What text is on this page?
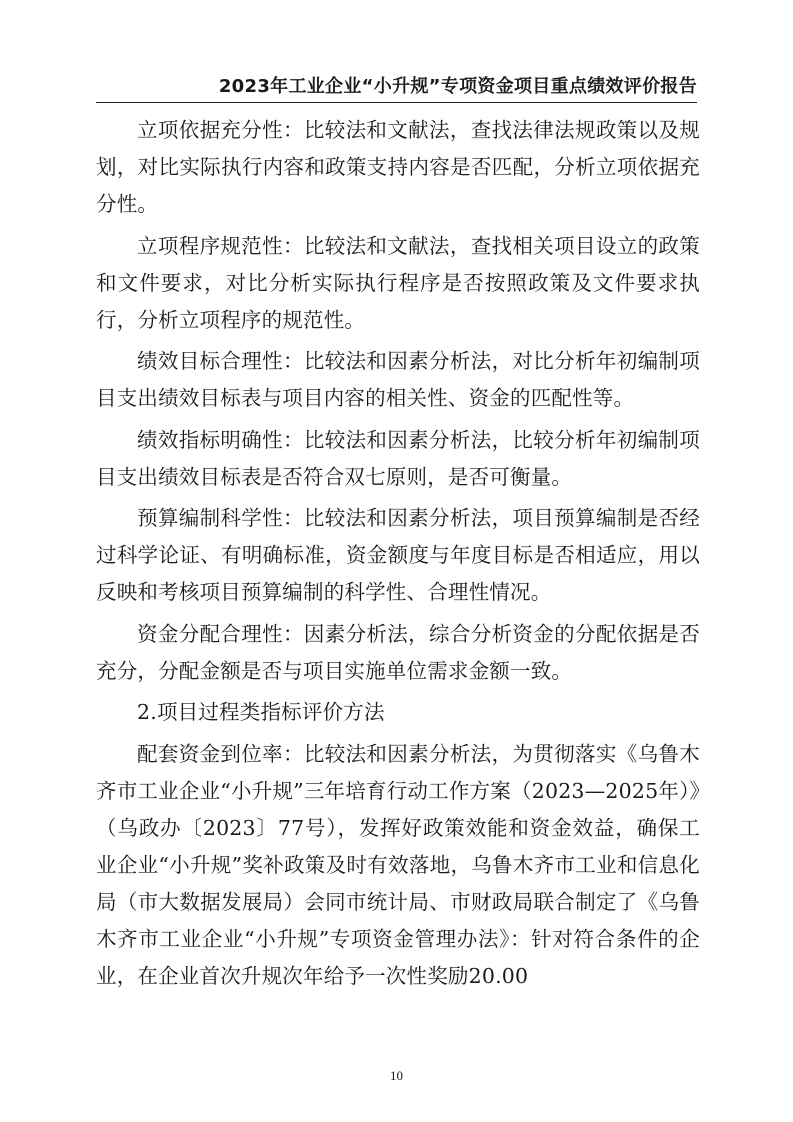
2023年工业企业“小升规”专项资金项目重点绩效评价报告

立项依据充分性：比较法和文献法，查找法律法规政策以及规划，对比实际执行内容和政策支持内容是否匹配，分析立项依据充分性。

立项程序规范性：比较法和文献法，查找相关项目设立的政策和文件要求，对比分析实际执行程序是否按照政策及文件要求执行，分析立项程序的规范性。

绩效目标合理性：比较法和因素分析法，对比分析年初编制项目支出绩效目标表与项目内容的相关性、资金的匹配性等。

绩效指标明确性：比较法和因素分析法，比较分析年初编制项目支出绩效目标表是否符合双七原则，是否可衡量。

预算编制科学性：比较法和因素分析法，项目预算编制是否经过科学论证、有明确标准，资金额度与年度目标是否相适应，用以反映和考核项目预算编制的科学性、合理性情况。

资金分配合理性：因素分析法，综合分析资金的分配依据是否充分，分配金额是否与项目实施单位需求金额一致。

2.项目过程类指标评价方法

配套资金到位率：比较法和因素分析法，为贯彻落实《乌鲁木齐市工业企业“小升规”三年培育行动工作方案（2023—2025年）》（乌政办〔2023〕77号），发挥好政策效能和资金效益，确保工业企业“小升规”奖补政策及时有效落地，乌鲁木齐市工业和信息化局（市大数据发展局）会同市统计局、市财政局联合制定了《乌鲁木齐市工业企业“小升规”专项资金管理办法》：针对符合条件的企业，在企业首次升规次年给予一次性奖励20.00

10
